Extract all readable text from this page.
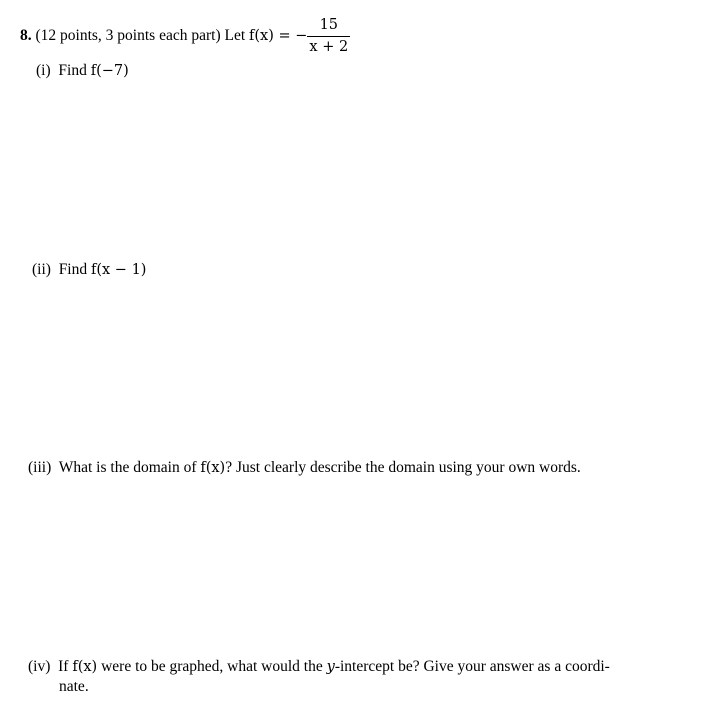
8. (12 points, 3 points each part) Let f(x) = − $\frac{15}{x + 2}$
(i) Find f(−7)
(ii) Find f(x − 1)
(iii) What is the domain of f(x)? Just clearly describe the domain using your own words.
(iv) If f(x) were to be graphed, what would the y-intercept be? Give your answer as a coordi-
nate.
